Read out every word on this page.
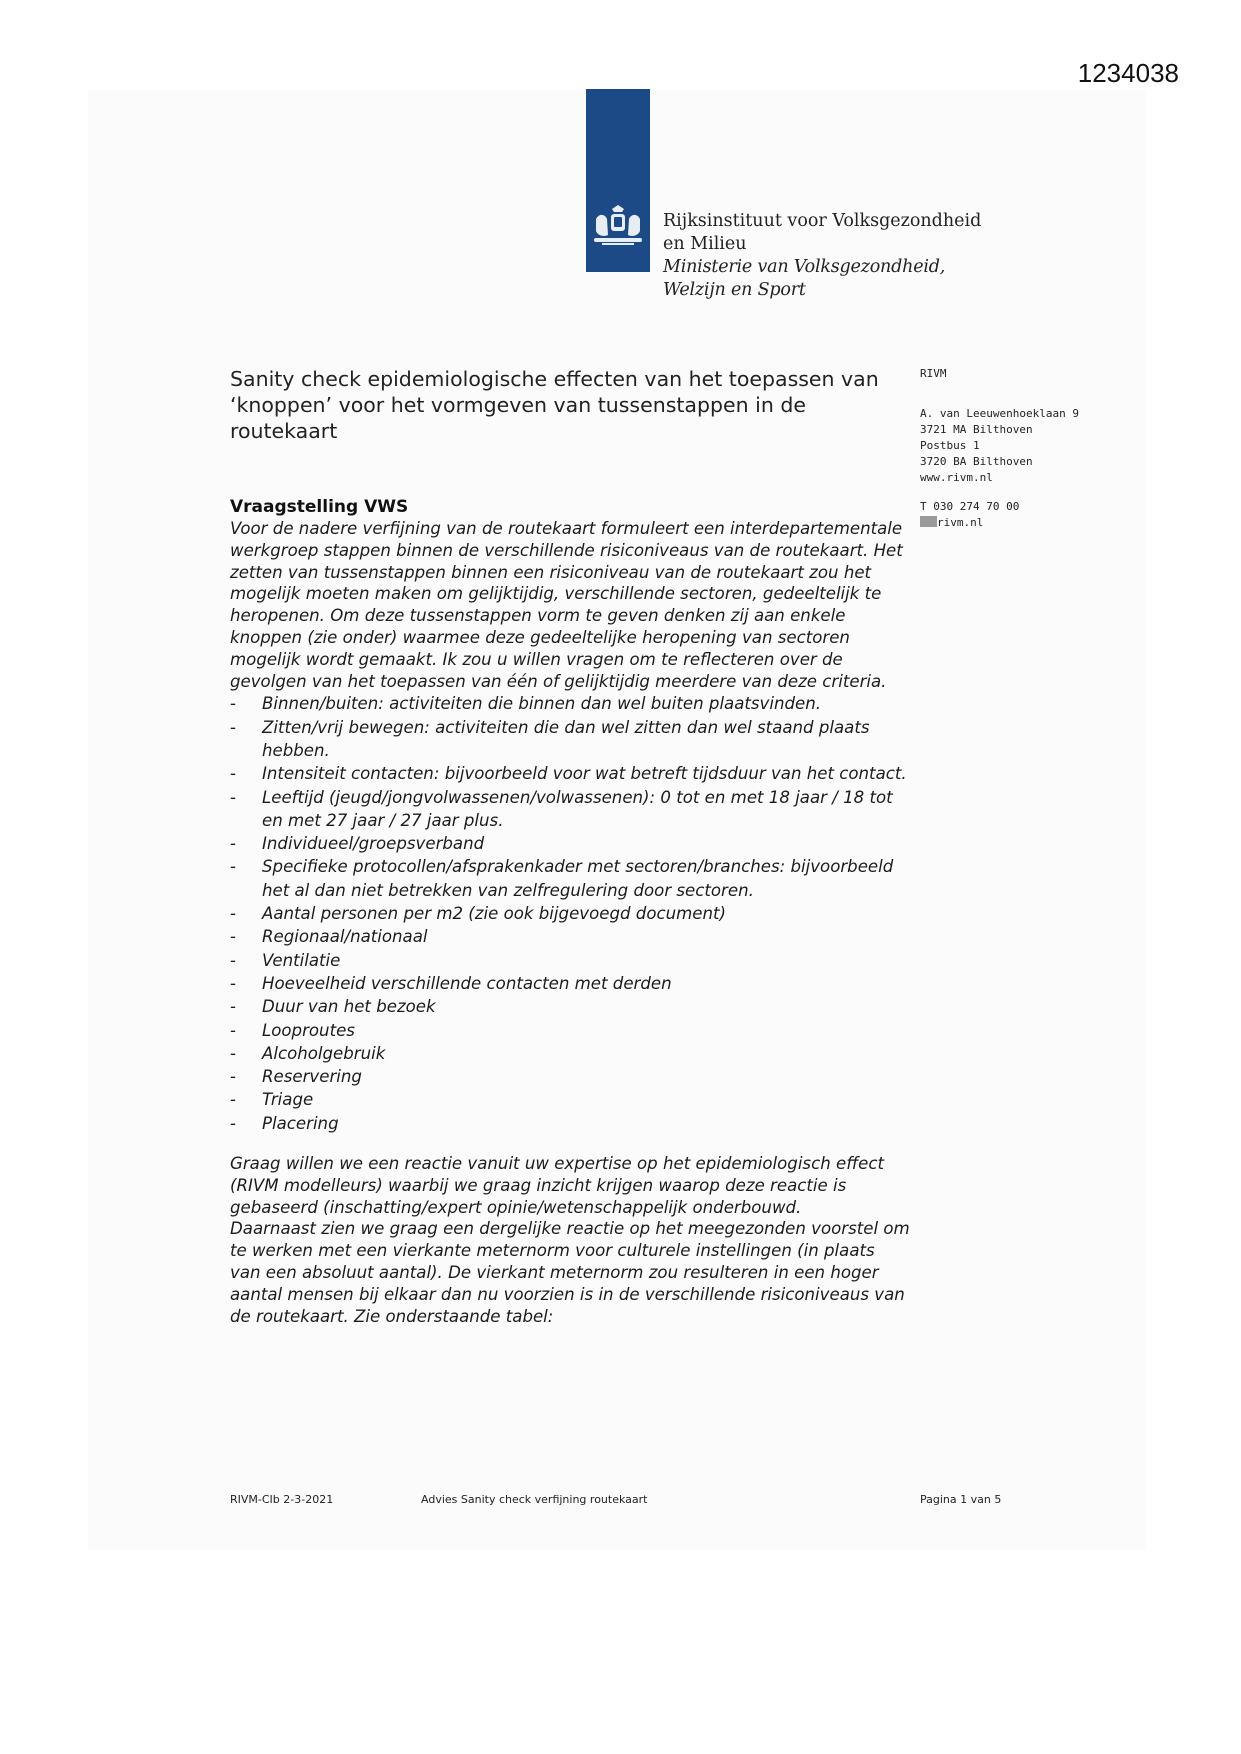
1234038
Rijksinstituut voor Volksgezondheid
en Milieu
Ministerie van Volksgezondheid,
Welzijn en Sport
Sanity check epidemiologische effecten van het toepassen van ‘knoppen’ voor het vormgeven van tussenstappen in de routekaart
RIVM
A. van Leeuwenhoeklaan 9
3721 MA Bilthoven
Postbus 1
3720 BA Bilthoven
www.rivm.nl
T 030 274 70 00
rivm.nl
Vraagstelling VWS

Voor de nadere verfijning van de routekaart formuleert een interdepartementale werkgroep stappen binnen de verschillende risiconiveaus van de routekaart. Het zetten van tussenstappen binnen een risiconiveau van de routekaart zou het mogelijk moeten maken om gelijktijdig, verschillende sectoren, gedeeltelijk te heropenen. Om deze tussenstappen vorm te geven denken zij aan enkele knoppen (zie onder) waarmee deze gedeeltelijke heropening van sectoren mogelijk wordt gemaakt. Ik zou u willen vragen om te reflecteren over de gevolgen van het toepassen van één of gelijktijdig meerdere van deze criteria.

- Binnen/buiten: activiteiten die binnen dan wel buiten plaatsvinden.
- Zitten/vrij bewegen: activiteiten die dan wel zitten dan wel staand plaats hebben.
- Intensiteit contacten: bijvoorbeeld voor wat betreft tijdsduur van het contact.
- Leeftijd (jeugd/jongvolwassenen/volwassenen): 0 tot en met 18 jaar / 18 tot en met 27 jaar / 27 jaar plus.
- Individueel/groepsverband
- Specifieke protocollen/afsprakenkader met sectoren/branches: bijvoorbeeld het al dan niet betrekken van zelfregulering door sectoren.
- Aantal personen per m2 (zie ook bijgevoegd document)
- Regionaal/nationaal
- Ventilatie
- Hoeveelheid verschillende contacten met derden
- Duur van het bezoek
- Looproutes
- Alcoholgebruik
- Reservering
- Triage
- Placering

Graag willen we een reactie vanuit uw expertise op het epidemiologisch effect (RIVM modelleurs) waarbij we graag inzicht krijgen waarop deze reactie is gebaseerd (inschatting/expert opinie/wetenschappelijk onderbouwd.

Daarnaast zien we graag een dergelijke reactie op het meegezonden voorstel om te werken met een vierkante meternorm voor culturele instellingen (in plaats van een absoluut aantal). De vierkant meternorm zou resulteren in een hoger aantal mensen bij elkaar dan nu voorzien is in de verschillende risiconiveaus van de routekaart. Zie onderstaande tabel:

RIVM-CIb 2-3-2021	Advies Sanity check verfijning routekaart	Pagina 1 van 5
